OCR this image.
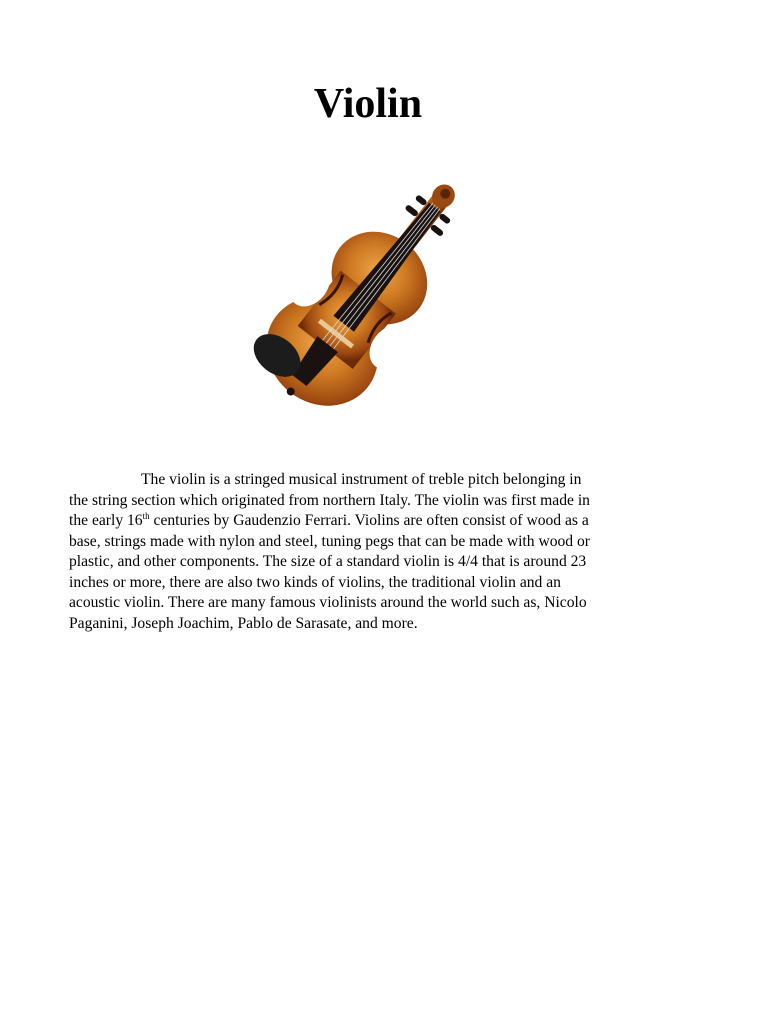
Violin

The violin is a stringed musical instrument of treble pitch belonging in
the string section which originated from northern Italy. The violin was first made in
the early 16th centuries by Gaudenzio Ferrari. Violins are often consist of wood as a
base, strings made with nylon and steel, tuning pegs that can be made with wood or
plastic, and other components. The size of a standard violin is 4/4 that is around 23
inches or more, there are also two kinds of violins, the traditional violin and an
acoustic violin. There are many famous violinists around the world such as, Nicolo
Paganini, Joseph Joachim, Pablo de Sarasate, and more.
